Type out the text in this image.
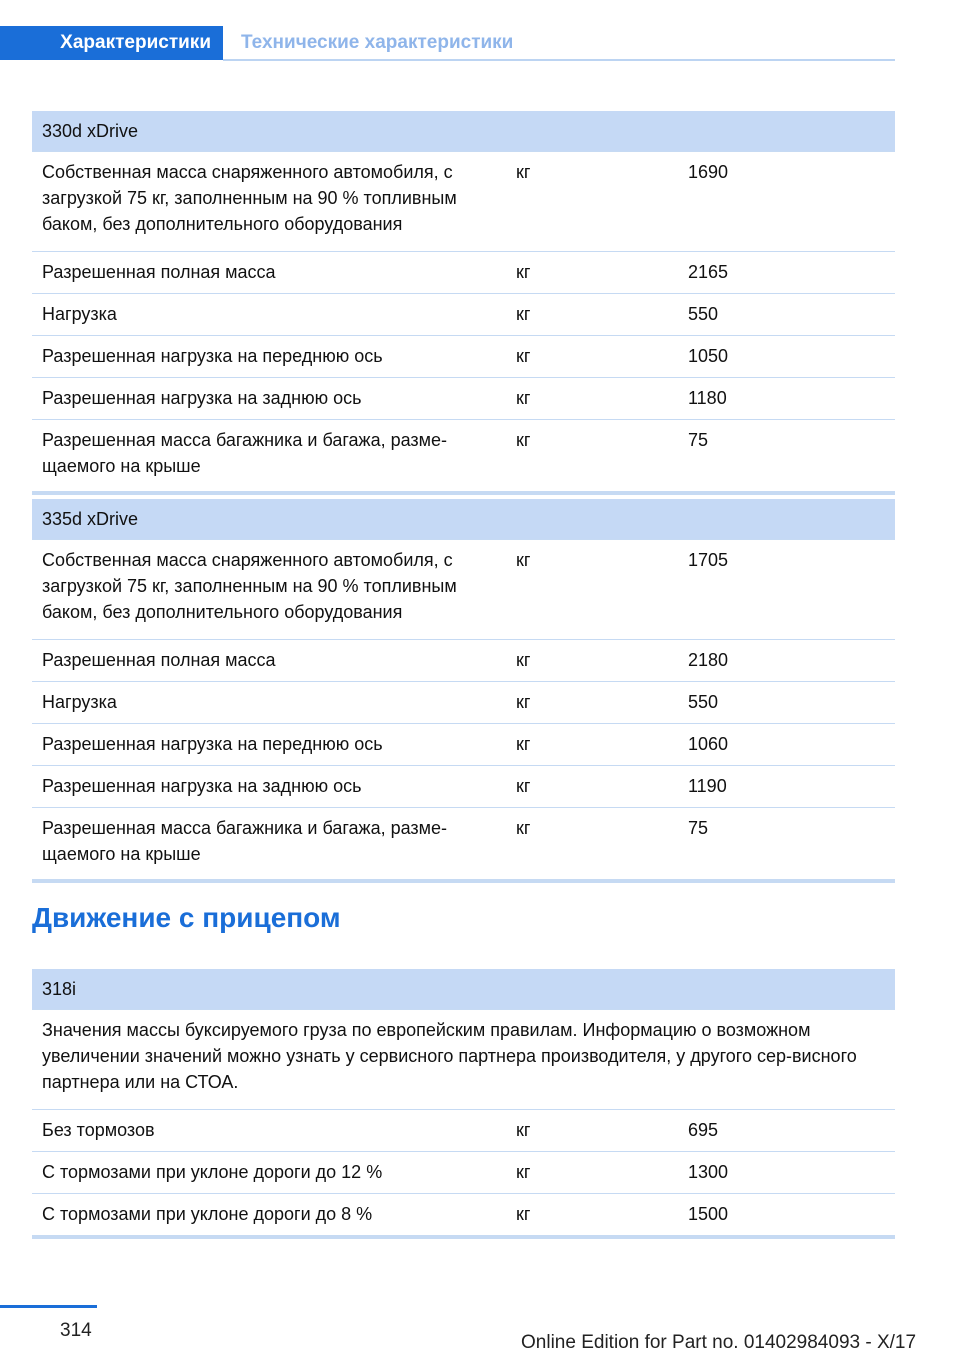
Характеристики	Технические характеристики
330d xDrive		
Собственная масса снаряженного автомобиля, с загрузкой 75 кг, заполненным на 90 % топливным баком, без дополнительного оборудования	кг	1690
Разрешенная полная масса	кг	2165
Нагрузка	кг	550
Разрешенная нагрузка на переднюю ось	кг	1050
Разрешенная нагрузка на заднюю ось	кг	1180
Разрешенная масса багажника и багажа, разме-щаемого на крыше	кг	75
335d xDrive		
Собственная масса снаряженного автомобиля, с загрузкой 75 кг, заполненным на 90 % топливным баком, без дополнительного оборудования	кг	1705
Разрешенная полная масса	кг	2180
Нагрузка	кг	550
Разрешенная нагрузка на переднюю ось	кг	1060
Разрешенная нагрузка на заднюю ось	кг	1190
Разрешенная масса багажника и багажа, разме-щаемого на крыше	кг	75
Движение с прицепом
318i		
Значения массы буксируемого груза по европейским правилам. Информацию о возможном увеличении значений можно узнать у сервисного партнера производителя, у другого сер-висного партнера или на СТОА.		
Без тормозов	кг	695
С тормозами при уклоне дороги до 12 %	кг	1300
С тормозами при уклоне дороги до 8 %	кг	1500
314
Online Edition for Part no. 01402984093 - X/17
